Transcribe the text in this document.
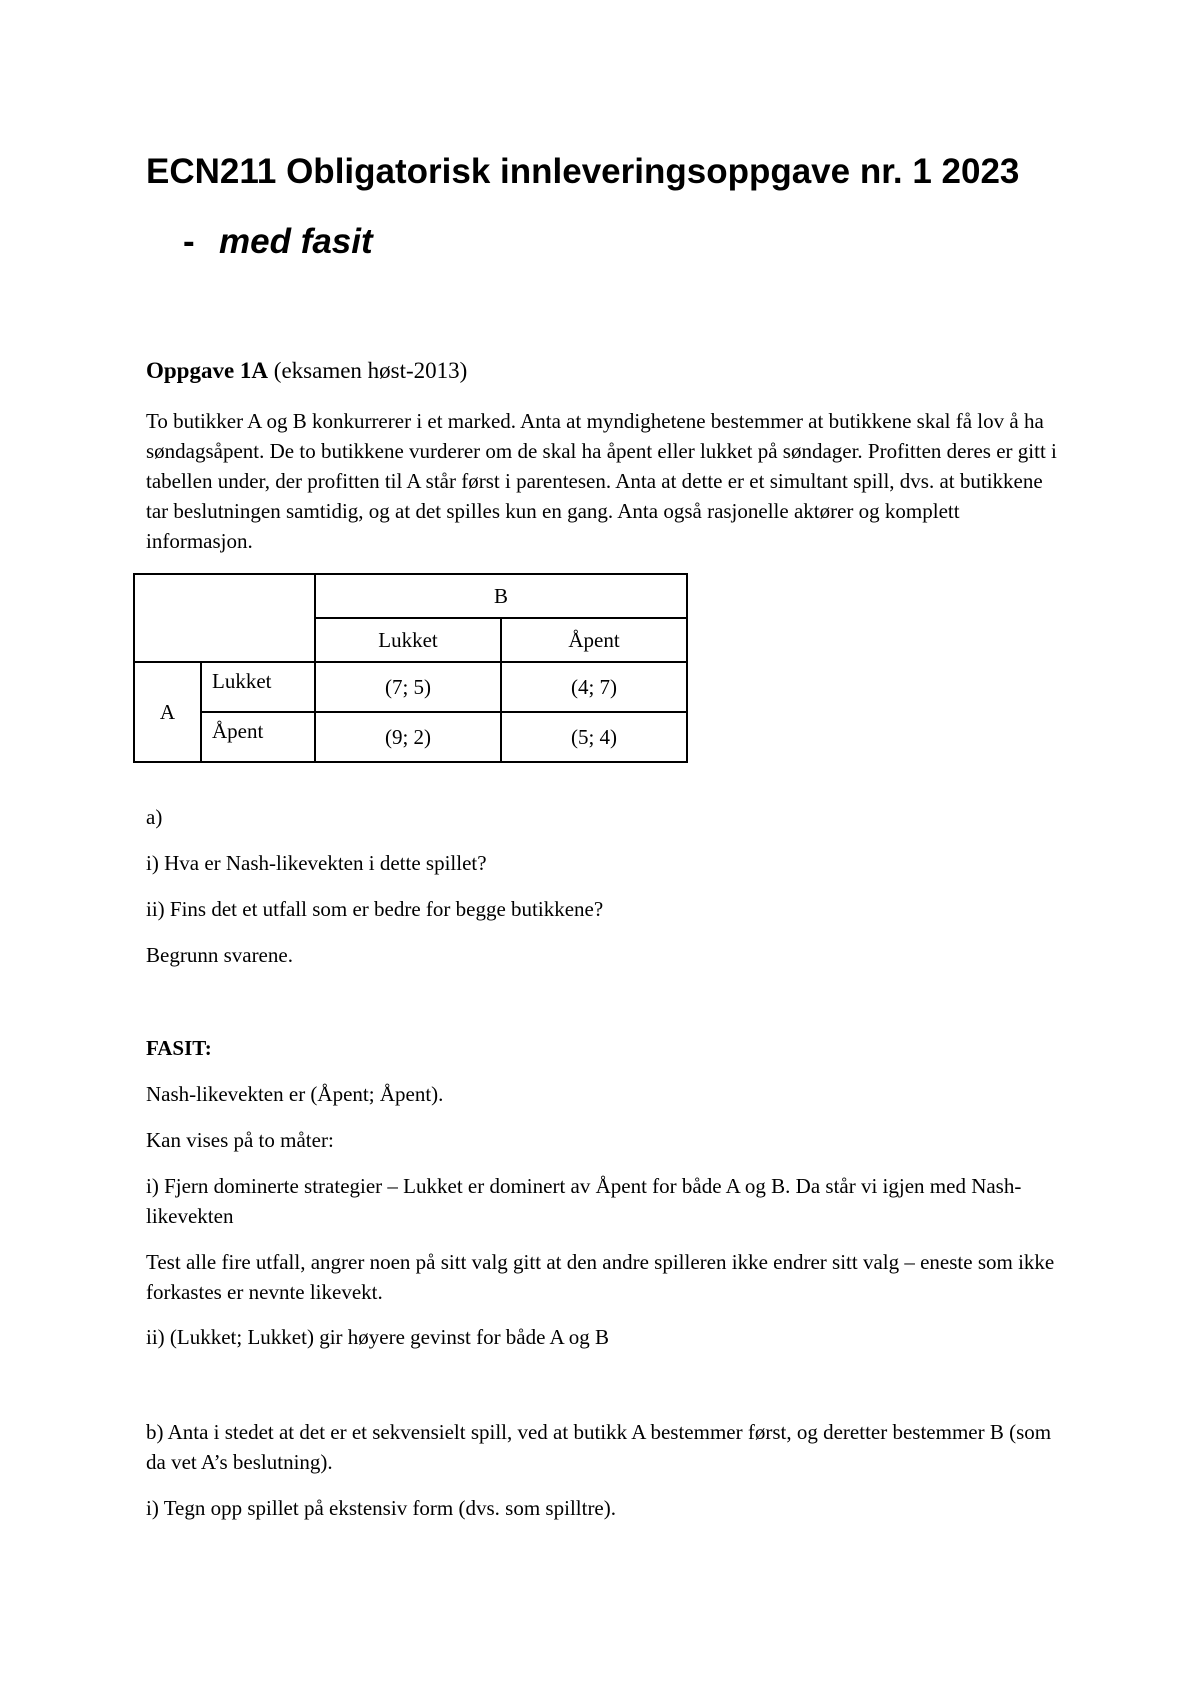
ECN211 Obligatorisk innleveringsoppgave nr. 1 2023
- med fasit

Oppgave 1A (eksamen høst-2013)

To butikker A og B konkurrerer i et marked. Anta at myndighetene bestemmer at butikkene skal få lov å ha søndagsåpent. De to butikkene vurderer om de skal ha åpent eller lukket på søndager. Profitten deres er gitt i tabellen under, der profitten til A står først i parentesen. Anta at dette er et simultant spill, dvs. at butikkene tar beslutningen samtidig, og at det spilles kun en gang. Anta også rasjonelle aktører og komplett informasjon.

		B	
		Lukket	Åpent
A	Lukket	(7; 5)	(4; 7)
	Åpent	(9; 2)	(5; 4)

a)

i) Hva er Nash-likevekten i dette spillet?

ii) Fins det et utfall som er bedre for begge butikkene?

Begrunn svarene.

FASIT:

Nash-likevekten er (Åpent; Åpent).

Kan vises på to måter:

i) Fjern dominerte strategier – Lukket er dominert av Åpent for både A og B. Da står vi igjen med Nash-likevekten

Test alle fire utfall, angrer noen på sitt valg gitt at den andre spilleren ikke endrer sitt valg – eneste som ikke forkastes er nevnte likevekt.

ii) (Lukket; Lukket) gir høyere gevinst for både A og B

b) Anta i stedet at det er et sekvensielt spill, ved at butikk A bestemmer først, og deretter bestemmer B (som da vet A’s beslutning).

i) Tegn opp spillet på ekstensiv form (dvs. som spilltre).
